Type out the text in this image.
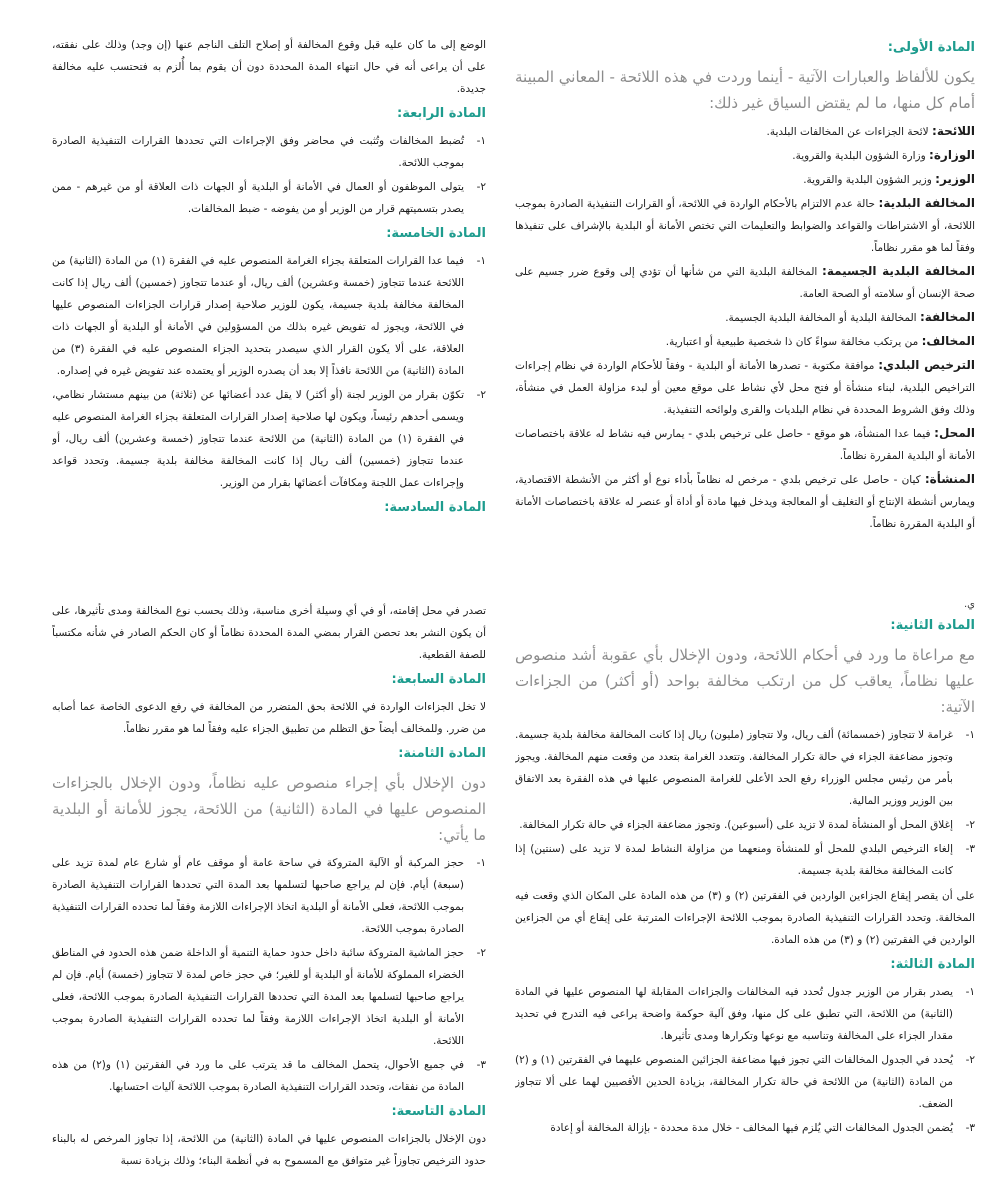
المادة الأولى:
يكون للألفاظ والعبارات الآتية - أينما وردت في هذه اللائحة - المعاني المبينة أمام كل منها، ما لم يقتض السياق غير ذلك:
اللائحة: لائحة الجزاءات عن المخالفات البلدية.
الوزارة: وزارة الشؤون البلدية والقروية.
الوزير: وزير الشؤون البلدية والقروية.
المخالفة البلدية: حالة عدم الالتزام بالأحكام الواردة في اللائحة، أو القرارات التنفيذية الصادرة بموجب اللائحة، أو الاشتراطات والقواعد والضوابط والتعليمات التي تختص الأمانة أو البلدية بالإشراف على تنفيذها وفقاً لما هو مقرر نظاماً.
المخالفة البلدية الجسيمة: المخالفة البلدية التي من شأنها أن تؤدي إلى وقوع ضرر جسيم على صحة الإنسان أو سلامته أو الصحة العامة.
المخالفة: المخالفة البلدية أو المخالفة البلدية الجسيمة.
المخالف: من يرتكب مخالفة سواءً كان ذا شخصية طبيعية أو اعتبارية.
الترخيص البلدي: موافقة مكتوبة - تصدرها الأمانة أو البلدية - وفقاً للأحكام الواردة في نظام إجراءات التراخيص البلدية، لبناء منشأة أو فتح محل لأي نشاط على موقع معين أو لبدء مزاولة العمل في منشأة، وذلك وفق الشروط المحددة في نظام البلديات والقرى ولوائحه التنفيذية.
المحل: فيما عدا المنشأة، هو موقع - حاصل على ترخيص بلدي - يمارس فيه نشاط له علاقة باختصاصات الأمانة أو البلدية المقررة نظاماً.
المنشأة: كيان - حاصل على ترخيص بلدي - مرخص له نظاماً بأداء نوع أو أكثر من الأنشطة الاقتصادية، ويمارس أنشطة الإنتاج أو التغليف أو المعالجة ويدخل فيها مادة أو أداة أو عنصر له علاقة باختصاصات الأمانة أو البلدية المقررة نظاماً.
الوضع إلى ما كان عليه قبل وقوع المخالفة أو إصلاح التلف الناجم عنها (إن وجد) وذلك على نفقته، على أن يراعى أنه في حال انتهاء المدة المحددة دون أن يقوم بما أُلزم به فتحتسب عليه مخالفة جديدة.
المادة الرابعة:
١-
تُضبط المخالفات وتُثبت في محاضر وفق الإجراءات التي تحددها القرارات التنفيذية الصادرة بموجب اللائحة.
٢-
يتولى الموظفون أو العمال في الأمانة أو البلدية أو الجهات ذات العلاقة أو من غيرهم - ممن يصدر بتسميتهم قرار من الوزير أو من يفوضه - ضبط المخالفات.
المادة الخامسة:
١-
فيما عدا القرارات المتعلقة بجزاء الغرامة المنصوص عليه في الفقرة (١) من المادة (الثانية) من اللائحة عندما تتجاوز (خمسة وعشرين) ألف ريال، أو عندما تتجاوز (خمسين) ألف ريال إذا كانت المخالفة مخالفة بلدية جسيمة، يكون للوزير صلاحية إصدار قرارات الجزاءات المنصوص عليها في اللائحة، ويجوز له تفويض غيره بذلك من المسؤولين في الأمانة أو البلدية أو الجهات ذات العلاقة، على ألا يكون القرار الذي سيصدر بتحديد الجزاء المنصوص عليه في الفقرة (٣) من المادة (الثانية) من اللائحة نافذاً إلا بعد أن يصدره الوزير أو يعتمده عند تفويض غيره في إصداره.
٢-
تكوّن بقرار من الوزير لجنة (أو أكثر) لا يقل عدد أعضائها عن (ثلاثة) من بينهم مستشار نظامي، ويسمى أحدهم رئيساً، ويكون لها صلاحية إصدار القرارات المتعلقة بجزاء الغرامة المنصوص عليه في الفقرة (١) من المادة (الثانية) من اللائحة عندما تتجاوز (خمسة وعشرين) ألف ريال، أو عندما تتجاوز (خمسين) ألف ريال إذا كانت المخالفة مخالفة بلدية جسيمة. وتحدد قواعد وإجراءات عمل اللجنة ومكافآت أعضائها بقرار من الوزير.
المادة السادسة:
ي.
المادة الثانية:
مع مراعاة ما ورد في أحكام اللائحة، ودون الإخلال بأي عقوبة أشد منصوص عليها نظاماً، يعاقب كل من ارتكب مخالفة بواحد (أو أكثر) من الجزاءات الآتية:
١-
غرامة لا تتجاوز (خمسمائة) ألف ريال، ولا تتجاوز (مليون) ريال إذا كانت المخالفة مخالفة بلدية جسيمة. وتجوز مضاعفة الجزاء في حالة تكرار المخالفة. وتتعدد الغرامة بتعدد من وقعت منهم المخالفة. ويجوز بأمر من رئيس مجلس الوزراء رفع الحد الأعلى للغرامة المنصوص عليها في هذه الفقرة بعد الاتفاق بين الوزير ووزير المالية.
٢-
إغلاق المحل أو المنشأة لمدة لا تزيد على (أسبوعين). وتجوز مضاعفة الجزاء في حالة تكرار المخالفة.
٣-
إلغاء الترخيص البلدي للمحل أو للمنشأة ومنعهما من مزاولة النشاط لمدة لا تزيد على (سنتين) إذا كانت المخالفة مخالفة بلدية جسيمة.
على أن يقصر إيقاع الجزاءين الواردين في الفقرتين (٢) و (٣) من هذه المادة على المكان الذي وقعت فيه المخالفة. وتحدد القرارات التنفيذية الصادرة بموجب اللائحة الإجراءات المترتبة على إيقاع أي من الجزاءين الواردين في الفقرتين (٢) و (٣) من هذه المادة.
المادة الثالثة:
١-
يصدر بقرار من الوزير جدول تُحدد فيه المخالفات والجزاءات المقابلة لها المنصوص عليها في المادة (الثانية) من اللائحة، التي تطبق على كل منها، وفق آلية حوكمة واضحة يراعى فيه التدرج في تحديد مقدار الجزاء على المخالفة وتناسبه مع نوعها وتكرارها ومدى تأثيرها.
٢-
يُحدد في الجدول المخالفات التي تجوز فيها مضاعفة الجزائين المنصوص عليهما في الفقرتين (١) و (٢) من المادة (الثانية) من اللائحة في حالة تكرار المخالفة، بزيادة الحدين الأقصيين لهما على ألا تتجاوز الضعف.
٣-
يُضمن الجدول المخالفات التي يُلزم فيها المخالف - خلال مدة محددة - بإزالة المخالفة أو إعادة
تصدر في محل إقامته، أو في أي وسيلة أخرى مناسبة، وذلك بحسب نوع المخالفة ومدى تأثيرها، على أن يكون النشر بعد تحصن القرار بمضي المدة المحددة نظاماً أو كان الحكم الصادر في شأنه مكتسباً للصفة القطعية.
المادة السابعة:
لا تخل الجزاءات الواردة في اللائحة بحق المتضرر من المخالفة في رفع الدعوى الخاصة عما أصابه من ضرر. وللمخالف أيضاً حق التظلم من تطبيق الجزاء عليه وفقاً لما هو مقرر نظاماً.
المادة الثامنة:
دون الإخلال بأي إجراء منصوص عليه نظاماً، ودون الإخلال بالجزاءات المنصوص عليها في المادة (الثانية) من اللائحة، يجوز للأمانة أو البلدية ما يأتي:
١-
حجز المركبة أو الآلية المتروكة في ساحة عامة أو موقف عام أو شارع عام لمدة تزيد على (سبعة) أيام. فإن لم يراجع صاحبها لتسلمها بعد المدة التي تحددها القرارات التنفيذية الصادرة بموجب اللائحة، فعلى الأمانة أو البلدية اتخاذ الإجراءات اللازمة وفقاً لما تحدده القرارات التنفيذية الصادرة بموجب اللائحة.
٢-
حجز الماشية المتروكة سائبة داخل حدود حماية التنمية أو الداخلة ضمن هذه الحدود في المناطق الخضراء المملوكة للأمانة أو البلدية أو للغير؛ في حجز خاص لمدة لا تتجاوز (خمسة) أيام. فإن لم يراجع صاحبها لتسلمها بعد المدة التي تحددها القرارات التنفيذية الصادرة بموجب اللائحة، فعلى الأمانة أو البلدية اتخاذ الإجراءات اللازمة وفقاً لما تحدده القرارات التنفيذية الصادرة بموجب اللائحة.
٣-
في جميع الأحوال، يتحمل المخالف ما قد يترتب على ما ورد في الفقرتين (١) و(٢) من هذه المادة من نفقات، وتحدد القرارات التنفيذية الصادرة بموجب اللائحة آليات احتسابها.
المادة التاسعة:
دون الإخلال بالجزاءات المنصوص عليها في المادة (الثانية) من اللائحة، إذا تجاوز المرخص له بالبناء حدود الترخيص تجاوزاً غير متوافق مع المسموح به في أنظمة البناء؛ وذلك بزيادة نسبة
